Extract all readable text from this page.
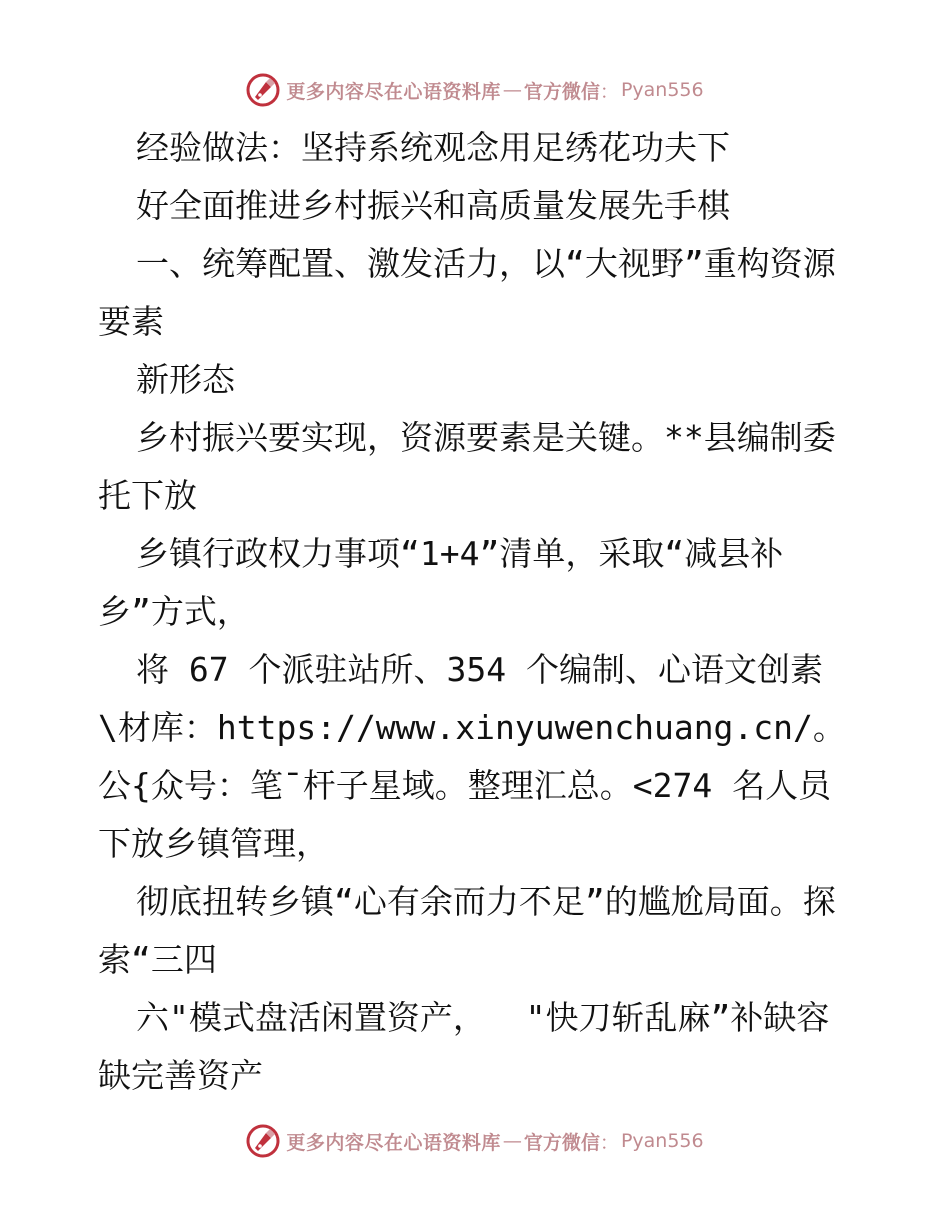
更多内容尽在心语资料库 — 官方微信 ： Pyan556

经验做法：坚持系统观念用足绣花功夫下

好全面推进乡村振兴和高质量发展先手棋

一、统筹配置、激发活力，以“大视野”重构资源要素

新形态

乡村振兴要实现，资源要素是关键。**县编制委托下放

乡镇行政权力事项“1+4”清单，采取“减县补乡”方式，

将 67 个派驻站所、354 个编制、心语文创素\材库：https://www.xinyuwenchuang.cn/。公{众号：笔¯杆子星域。整理汇总。<274 名人员下放乡镇管理，

彻底扭转乡镇“心有余而力不足”的尴尬局面。探索“三四

六"模式盘活闲置资产，  "快刀斩乱麻”补缺容缺完善资产

更多内容尽在心语资料库 — 官方微信 ： Pyan556
